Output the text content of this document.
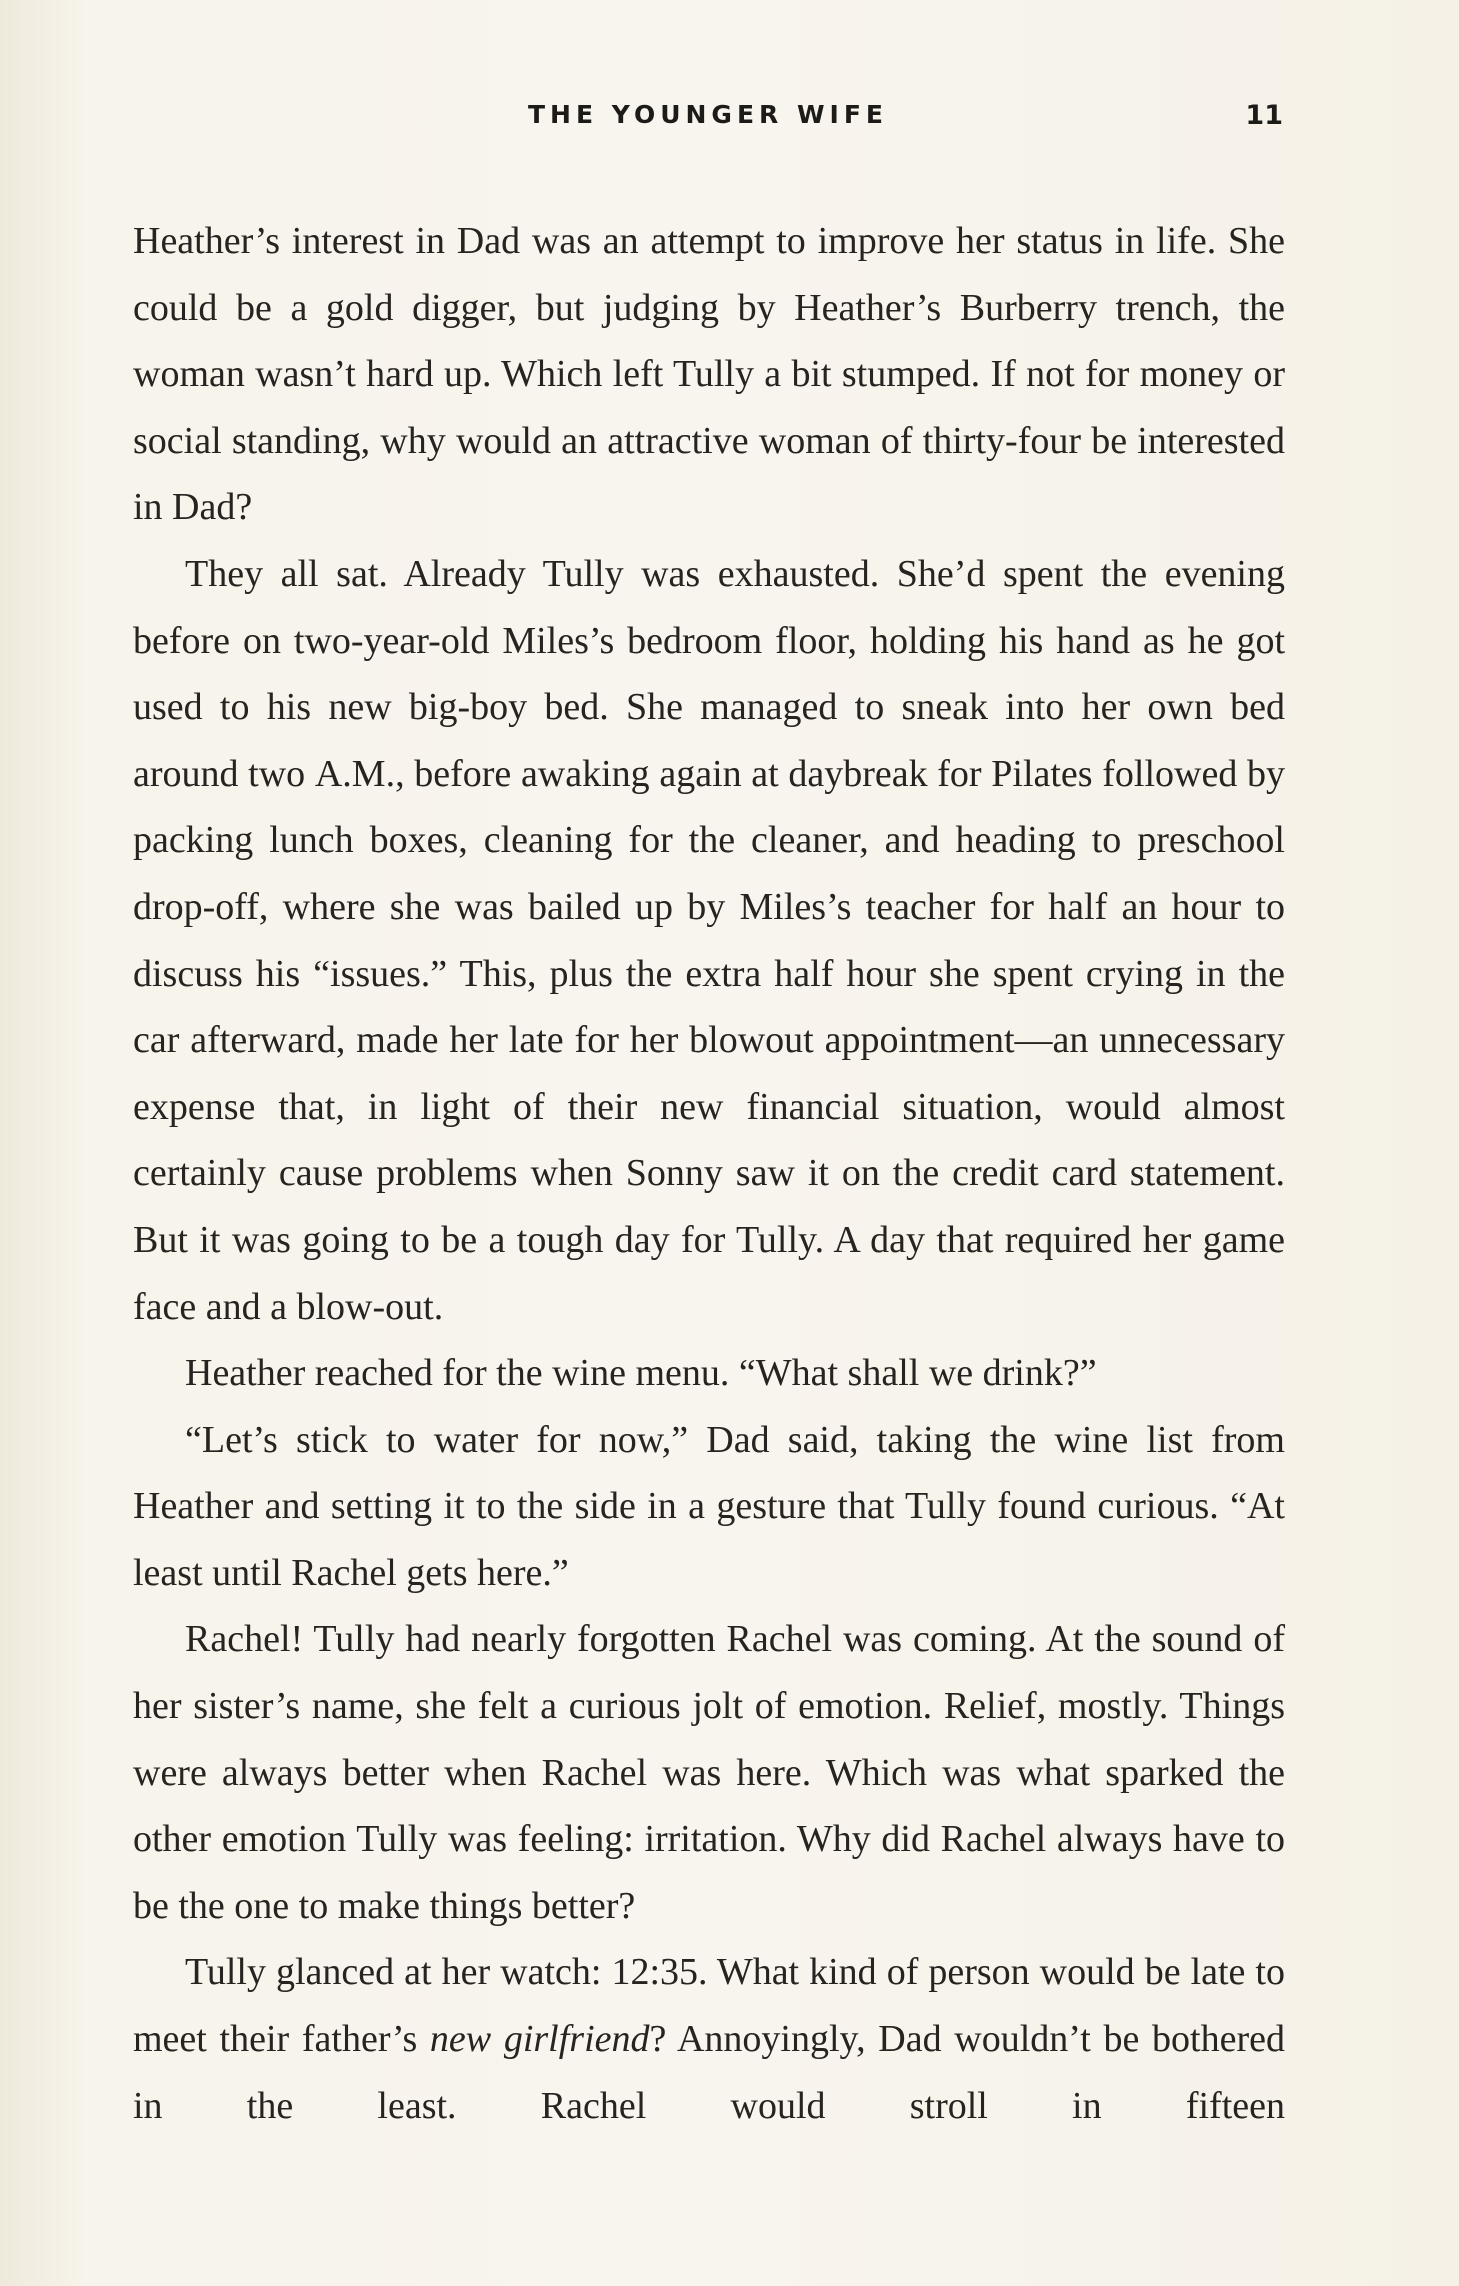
THE YOUNGER WIFE	11

Heather’s interest in Dad was an attempt to improve her status in life. She could be a gold digger, but judging by Heather’s Burberry trench, the woman wasn’t hard up. Which left Tully a bit stumped. If not for money or social standing, why would an attractive woman of thirty-four be interested in Dad?

They all sat. Already Tully was exhausted. She’d spent the evening before on two-year-old Miles’s bedroom floor, holding his hand as he got used to his new big-boy bed. She managed to sneak into her own bed around two A.M., before awaking again at daybreak for Pilates followed by packing lunch boxes, cleaning for the cleaner, and heading to preschool drop-off, where she was bailed up by Miles’s teacher for half an hour to discuss his “issues.” This, plus the extra half hour she spent crying in the car afterward, made her late for her blowout appointment—an unnecessary expense that, in light of their new financial situation, would almost certainly cause problems when Sonny saw it on the credit card statement. But it was going to be a tough day for Tully. A day that required her game face and a blow-out.

Heather reached for the wine menu. “What shall we drink?”

“Let’s stick to water for now,” Dad said, taking the wine list from Heather and setting it to the side in a gesture that Tully found curious. “At least until Rachel gets here.”

Rachel! Tully had nearly forgotten Rachel was coming. At the sound of her sister’s name, she felt a curious jolt of emotion. Relief, mostly. Things were always better when Rachel was here. Which was what sparked the other emotion Tully was feeling: irritation. Why did Rachel always have to be the one to make things better?

Tully glanced at her watch: 12:35. What kind of person would be late to meet their father’s new girlfriend? Annoyingly, Dad wouldn’t be bothered in the least. Rachel would stroll in fifteen
